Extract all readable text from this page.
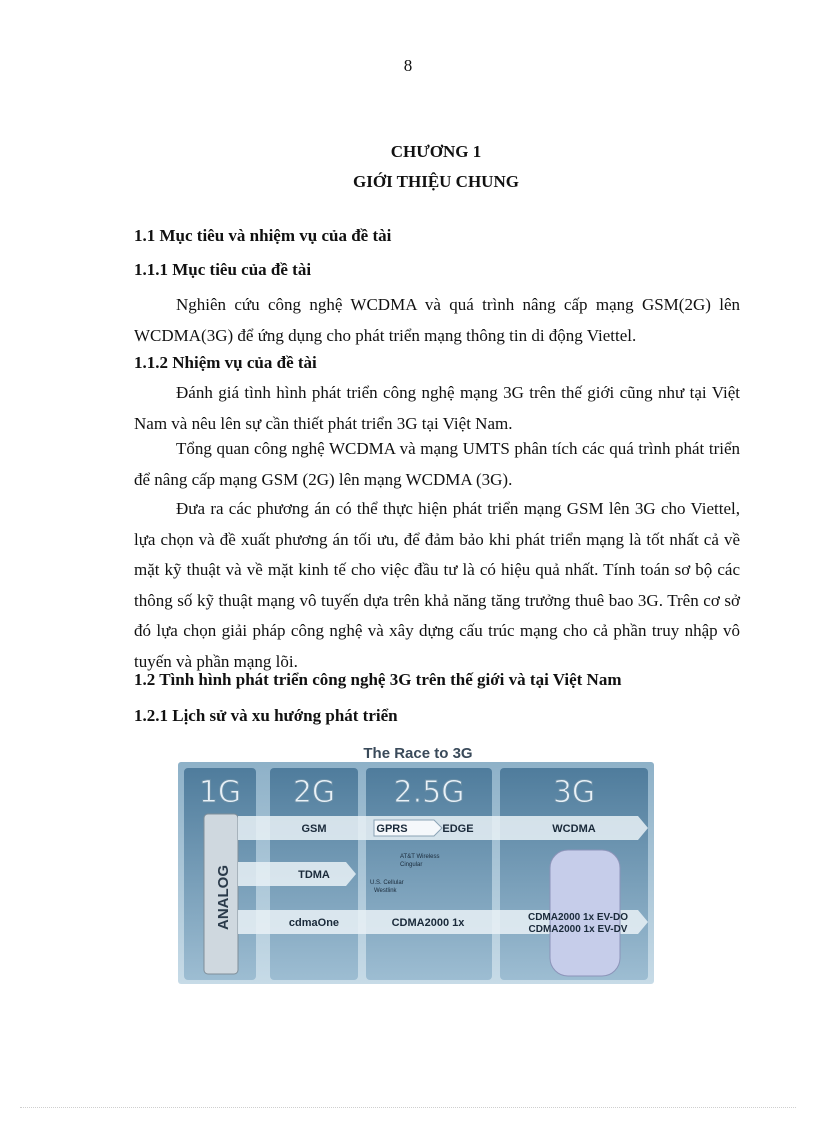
8
CHƯƠNG 1
GIỚI THIỆU CHUNG
1.1 Mục tiêu và nhiệm vụ của đề tài
1.1.1 Mục tiêu của đề tài
Nghiên cứu công nghệ WCDMA và quá trình nâng cấp mạng GSM(2G) lên WCDMA(3G) để ứng dụng cho phát triển mạng thông tin di động Viettel.
1.1.2 Nhiệm vụ của đề tài
Đánh giá tình hình phát triển công nghệ mạng 3G trên thế giới cũng như tại Việt Nam và nêu lên sự cần thiết phát triển 3G tại Việt Nam.
Tổng quan công nghệ WCDMA và mạng UMTS phân tích các quá trình phát triển để nâng cấp mạng GSM (2G) lên mạng WCDMA (3G).
Đưa ra các phương án có thể thực hiện phát triển mạng GSM lên 3G cho Viettel, lựa chọn và đề xuất phương án tối ưu, để đảm bảo khi phát triển mạng là tốt nhất cả về mặt kỹ thuật và về mặt kinh tế cho việc đầu tư là có hiệu quả nhất. Tính toán sơ bộ các thông số kỹ thuật mạng vô tuyến dựa trên khả năng tăng trưởng thuê bao 3G. Trên cơ sở đó lựa chọn giải pháp công nghệ và xây dựng cấu trúc mạng cho cả phần truy nhập vô tuyến và phần mạng lõi.
1.2 Tình hình phát triển công nghệ 3G trên thế giới và tại Việt Nam
1.2.1 Lịch sử và xu hướng phát triển
The Race to 3G
1G 2G 2.5G	3G
ANALOG
GSM	GPRS	EDGE	WCDMA
TDMA
AT&T Wireless
Cingular
U.S. Cellular
Westlink
cdmaOne	CDMA2000 1x	CDMA2000 1x EV-DO
CDMA2000 1x EV-DV
